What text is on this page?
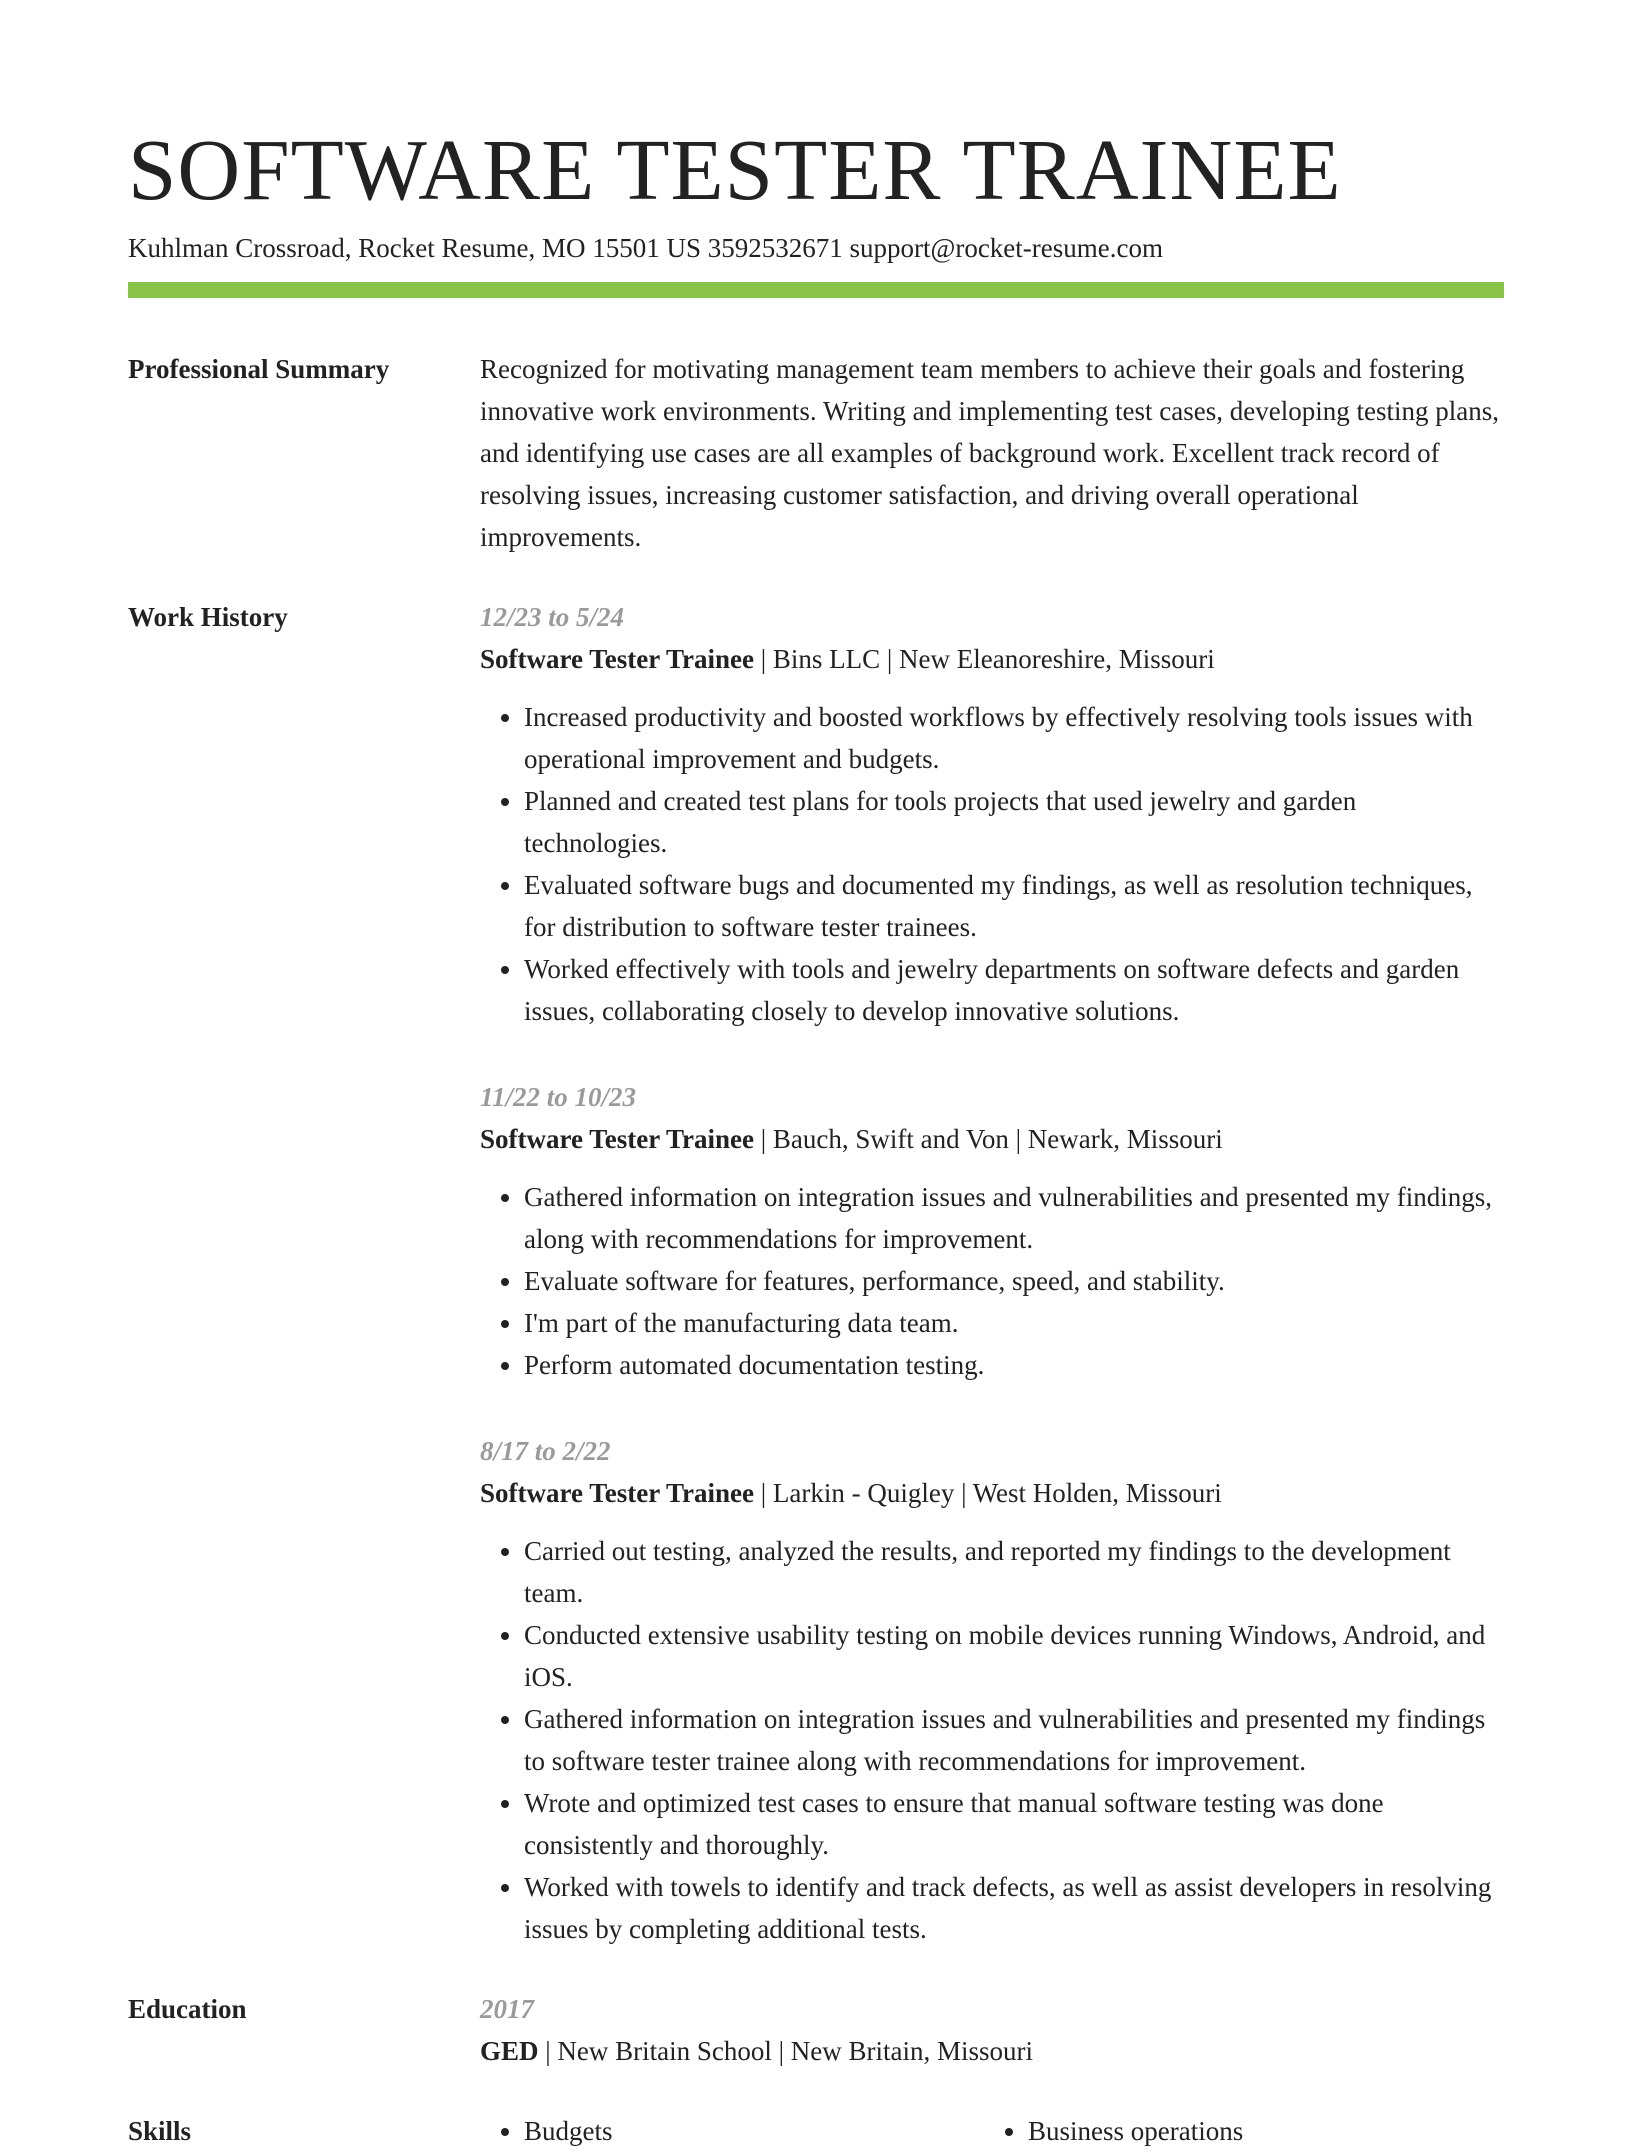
SOFTWARE TESTER TRAINEE
Kuhlman Crossroad, Rocket Resume, MO 15501 US 3592532671 support@rocket-resume.com
Professional Summary	Recognized for motivating management team members to achieve their goals and fostering innovative work environments. Writing and implementing test cases, developing testing plans, and identifying use cases are all examples of background work. Excellent track record of resolving issues, increasing customer satisfaction, and driving overall operational improvements.

Work History	12/23 to 5/24
Software Tester Trainee | Bins LLC | New Eleanoreshire, Missouri
• Increased productivity and boosted workflows by effectively resolving tools issues with operational improvement and budgets.
• Planned and created test plans for tools projects that used jewelry and garden technologies.
• Evaluated software bugs and documented my findings, as well as resolution techniques, for distribution to software tester trainees.
• Worked effectively with tools and jewelry departments on software defects and garden issues, collaborating closely to develop innovative solutions.
11/22 to 10/23
Software Tester Trainee | Bauch, Swift and Von | Newark, Missouri
• Gathered information on integration issues and vulnerabilities and presented my findings, along with recommendations for improvement.
• Evaluate software for features, performance, speed, and stability.
• I'm part of the manufacturing data team.
• Perform automated documentation testing.
8/17 to 2/22
Software Tester Trainee | Larkin - Quigley | West Holden, Missouri
• Carried out testing, analyzed the results, and reported my findings to the development team.
• Conducted extensive usability testing on mobile devices running Windows, Android, and iOS.
• Gathered information on integration issues and vulnerabilities and presented my findings to software tester trainee along with recommendations for improvement.
• Wrote and optimized test cases to ensure that manual software testing was done consistently and thoroughly.
• Worked with towels to identify and track defects, as well as assist developers in resolving issues by completing additional tests.
Education	2017
GED | New Britain School | New Britain, Missouri
Skills	• Budgets	• Business operations
